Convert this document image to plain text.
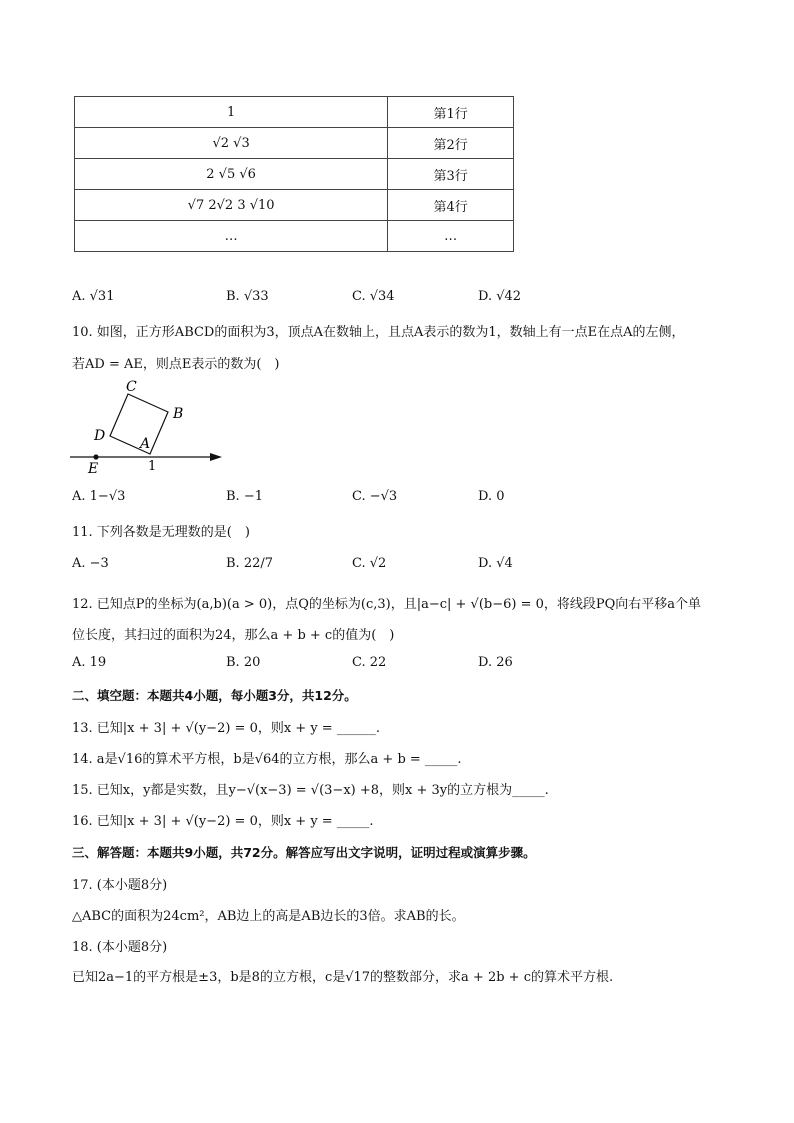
1	第1行
√2 √3	第2行
2 √5 √6	第3行
√7 2√2 3 √10	第4行
…	…
A. √31	B. √33	C. √34	D. √42
10. 如图，正方形ABCD的面积为3，顶点A在数轴上，且点A表示的数为1，数轴上有一点E在点A的左侧，
若AD = AE，则点E表示的数为(　)
C
B
D A
E	1
A. 1−√3	B. −1	C. −√3	D. 0
11. 下列各数是无理数的是(　)
A. −3	B. 22/7	C. √2	D. √4
12. 已知点P的坐标为(a,b)(a > 0)，点Q的坐标为(c,3)，且|a−c| + √(b−6) = 0，将线段PQ向右平移a个单
位长度，其扫过的面积为24，那么a + b + c的值为(　)
A. 19	B. 20	C. 22	D. 26
二、填空题：本题共4小题，每小题3分，共12分。
13. 已知|x + 3| + √(y−2) = 0，则x + y = ______.
14. a是√16的算术平方根，b是√64的立方根，那么a + b = _____.
15. 已知x，y都是实数，且y−√(x−3) = √(3−x) +8，则x + 3y的立方根为_____.
16. 已知|x + 3| + √(y−2) = 0，则x + y = _____.
三、解答题：本题共9小题，共72分。解答应写出文字说明，证明过程或演算步骤。
17. (本小题8分)
△ABC的面积为24cm²，AB边上的高是AB边长的3倍。求AB的长。
18. (本小题8分)
已知2a−1的平方根是±3，b是8的立方根，c是√17的整数部分，求a + 2b + c的算术平方根.
